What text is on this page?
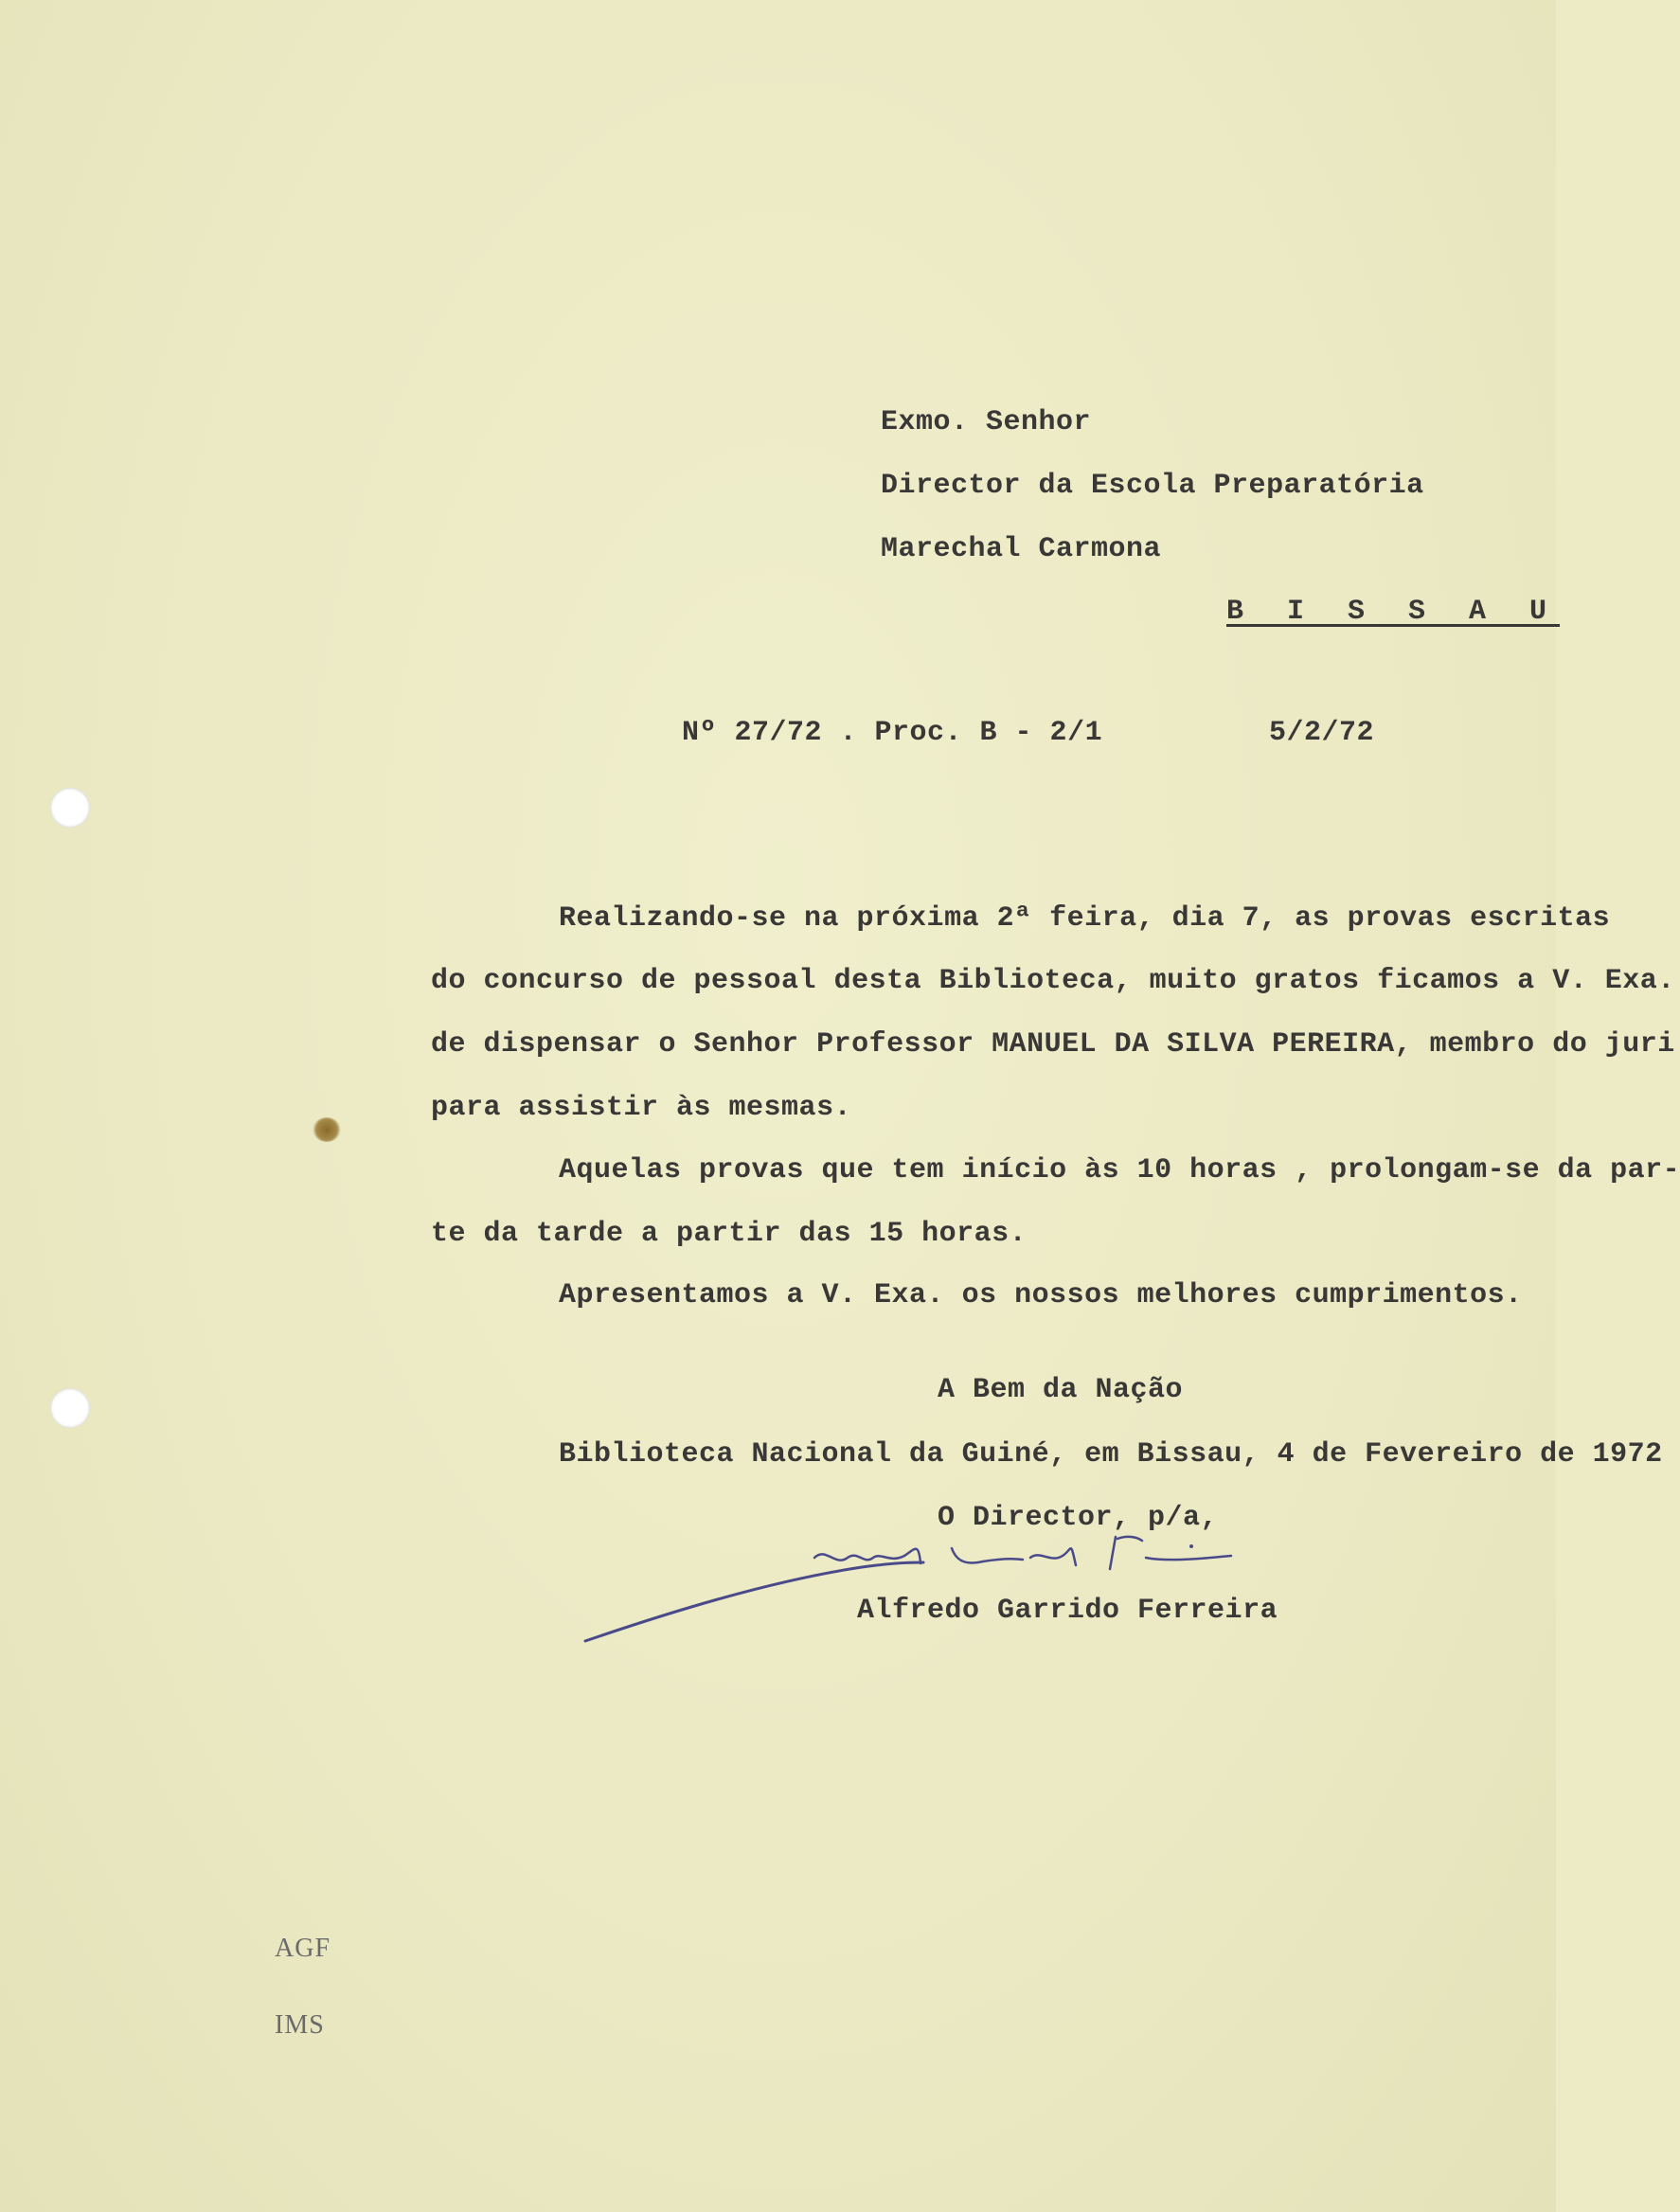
Exmo. Senhor
Director da Escola Preparatória
Marechal Carmona
B I S S A U
Nº 27/72 . Proc. B - 2/1	5/2/72
Realizando-se na próxima 2ª feira, dia 7, as provas escritas
do concurso de pessoal desta Biblioteca, muito gratos ficamos a V. Exa.
de dispensar o Senhor Professor MANUEL DA SILVA PEREIRA, membro do juri
para assistir às mesmas.
Aquelas provas que tem início às 10 horas , prolongam-se da par-
te da tarde a partir das 15 horas.
Apresentamos a V. Exa. os nossos melhores cumprimentos.
A Bem da Nação
Biblioteca Nacional da Guiné, em Bissau, 4 de Fevereiro de 1972
O Director, p/a,
Alfredo Garrido Ferreira
AGF
IMS
